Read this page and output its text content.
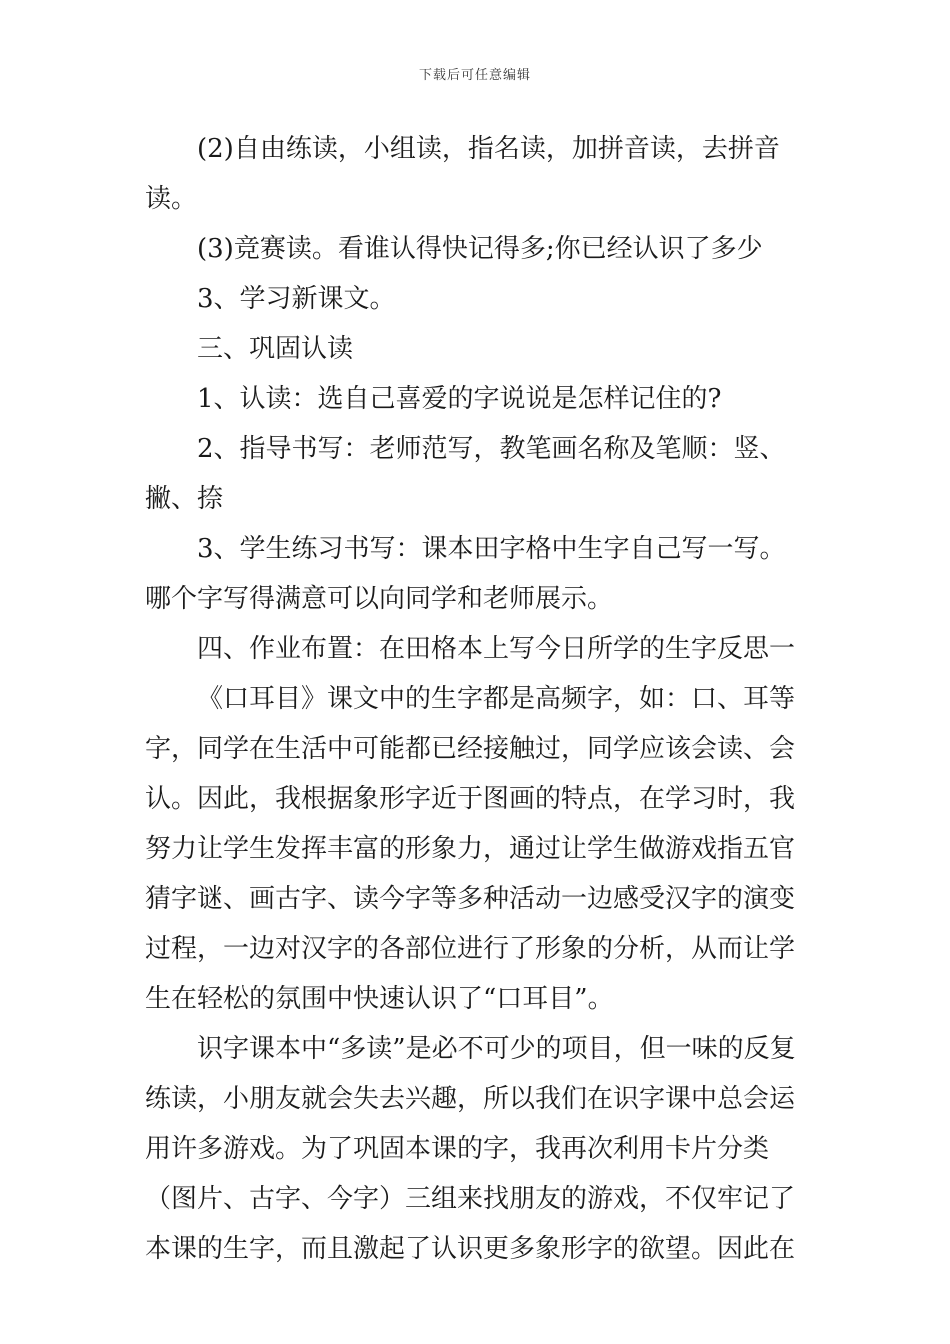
下载后可任意编辑

(2)自由练读，小组读，指名读，加拼音读，去拼音读。

(3)竞赛读。看谁认得快记得多;你已经认识了多少

3、学习新课文。

三、巩固认读

1、认读：选自己喜爱的字说说是怎样记住的?

2、指导书写：老师范写，教笔画名称及笔顺：竖、撇、捺

3、学生练习书写：课本田字格中生字自己写一写。哪个字写得满意可以向同学和老师展示。

四、作业布置：在田格本上写今日所学的生字反思一

《口耳目》课文中的生字都是高频字，如：口、耳等字，同学在生活中可能都已经接触过，同学应该会读、会认。因此，我根据象形字近于图画的特点，在学习时，我努力让学生发挥丰富的形象力，通过让学生做游戏指五官猜字谜、画古字、读今字等多种活动一边感受汉字的演变过程，一边对汉字的各部位进行了形象的分析，从而让学生在轻松的氛围中快速认识了“口耳目”。

识字课本中“多读”是必不可少的项目，但一味的反复练读，小朋友就会失去兴趣，所以我们在识字课中总会运用许多游戏。为了巩固本课的字，我再次利用卡片分类（图片、古字、今字）三组来找朋友的游戏，不仅牢记了本课的生字，而且激起了认识更多象形字的欲望。因此在
